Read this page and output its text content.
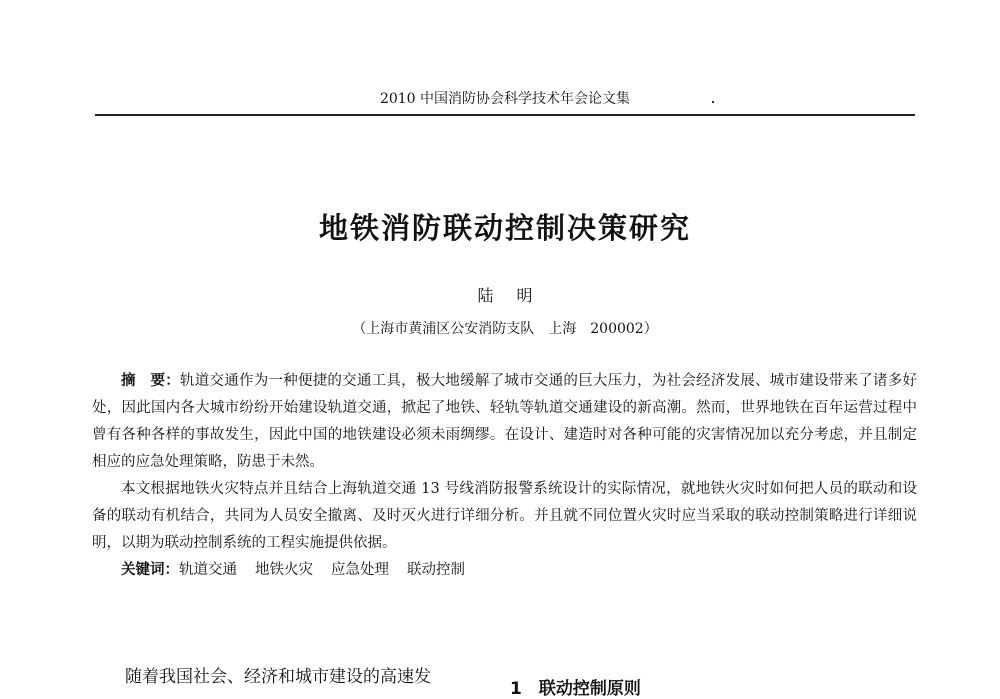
2010 中国消防协会科学技术年会论文集
地铁消防联动控制决策研究
陆 明
（上海市黄浦区公安消防支队　上海　200002）

摘　要：轨道交通作为一种便捷的交通工具，极大地缓解了城市交通的巨大压力，为社会经济发展、城市建设带来了诸多好处，因此国内各大城市纷纷开始建设轨道交通，掀起了地铁、轻轨等轨道交通建设的新高潮。然而，世界地铁在百年运营过程中曾有各种各样的事故发生，因此中国的地铁建设必须未雨绸缪。在设计、建造时对各种可能的灾害情况加以充分考虑，并且制定相应的应急处理策略，防患于未然。

本文根据地铁火灾特点并且结合上海轨道交通 13 号线消防报警系统设计的实际情况，就地铁火灾时如何把人员的联动和设备的联动有机结合，共同为人员安全撤离、及时灭火进行详细分析。并且就不同位置火灾时应当采取的联动控制策略进行详细说明，以期为联动控制系统的工程实施提供依据。

关键词：轨道交通 地铁火灾 应急处理 联动控制

随着我国社会、经济和城市建设的高速发
1　联动控制原则
